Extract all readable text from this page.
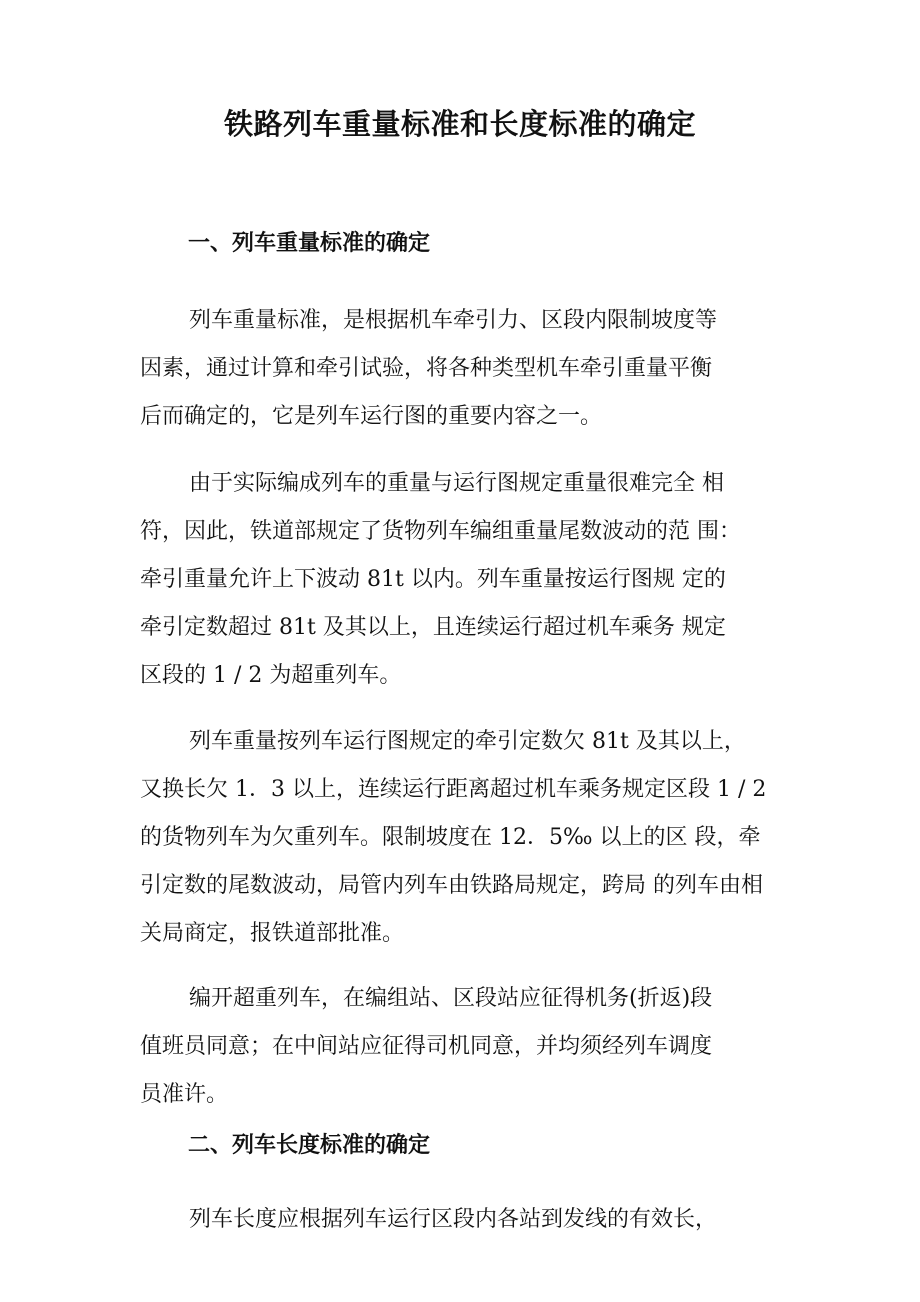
铁路列车重量标准和长度标准的确定
一、列车重量标准的确定
列车重量标准，是根据机车牵引力、区段内限制坡度等
因素，通过计算和牵引试验，将各种类型机车牵引重量平衡
后而确定的，它是列车运行图的重要内容之一。
由于实际编成列车的重量与运行图规定重量很难完全 相
符，因此，铁道部规定了货物列车编组重量尾数波动的范 围：
牵引重量允许上下波动 81t 以内。列车重量按运行图规 定的
牵引定数超过 81t 及其以上，且连续运行超过机车乘务 规定
区段的 1 / 2 为超重列车。
列车重量按列车运行图规定的牵引定数欠 81t 及其以上，
又换长欠 1．3 以上，连续运行距离超过机车乘务规定区段 1 / 2
的货物列车为欠重列车。限制坡度在 12．5‰ 以上的区 段，牵
引定数的尾数波动，局管内列车由铁路局规定，跨局 的列车由相
关局商定，报铁道部批准。
编开超重列车，在编组站、区段站应征得机务(折返)段
值班员同意；在中间站应征得司机同意，并均须经列车调度
员准许。
二、列车长度标准的确定
列车长度应根据列车运行区段内各站到发线的有效长，
